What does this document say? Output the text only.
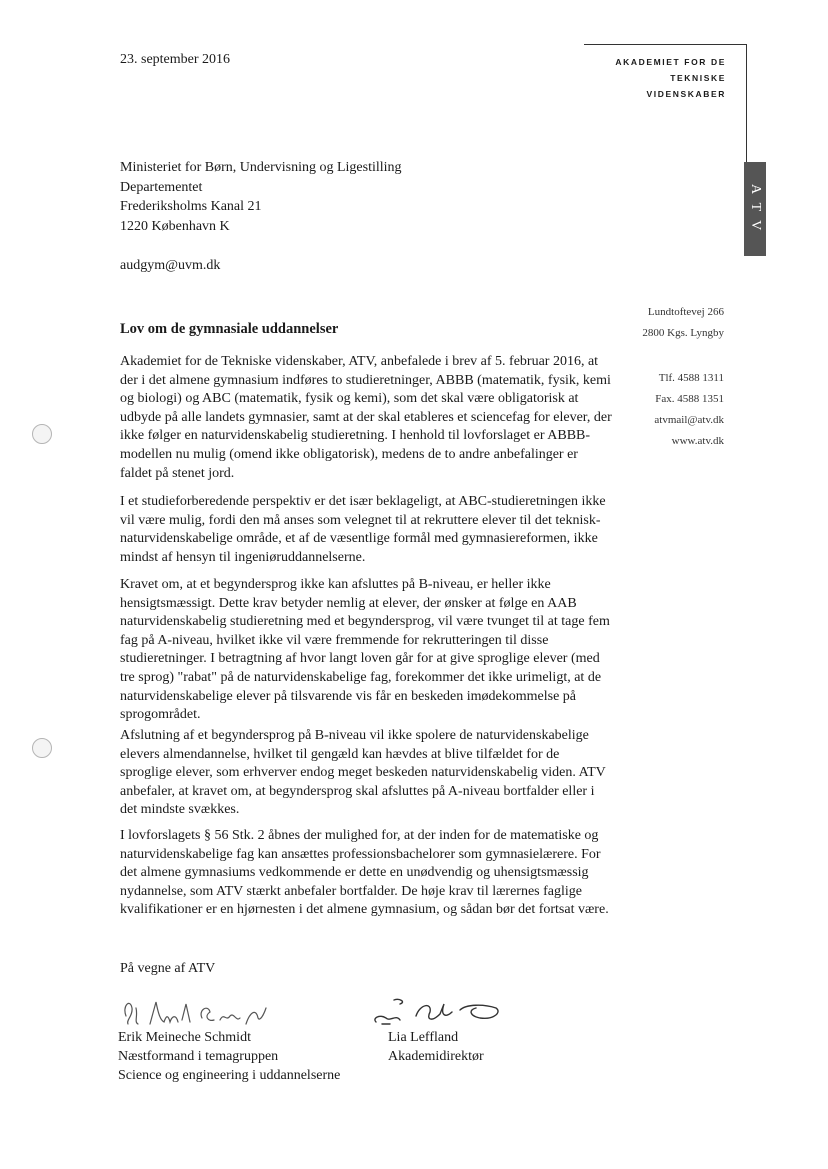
23. september 2016	AKADEMIET FOR DE
TEKNISKE
VIDENSKABER
A T V
Ministeriet for Børn, Undervisning og Ligestilling
Departementet
Frederiksholms Kanal 21
1220 København K
audgym@uvm.dk
Lundtoftevej 266
2800 Kgs. Lyngby
Tlf. 4588 1311
Fax. 4588 1351
atvmail@atv.dk
www.atv.dk
Lov om de gymnasiale uddannelser

Akademiet for de Tekniske videnskaber, ATV, anbefalede i brev af 5. februar 2016, at der i det almene gymnasium indføres to studieretninger, ABBB (matematik, fysik, kemi og biologi) og ABC (matematik, fysik og kemi), som det skal være obligatorisk at udbyde på alle landets gymnasier, samt at der skal etableres et sciencefag for elever, der ikke følger en naturvidenskabelig studieretning. I henhold til lovforslaget er ABBB-modellen nu mulig (omend ikke obligatorisk), medens de to andre anbefalinger er faldet på stenet jord.

I et studieforberedende perspektiv er det især beklageligt, at ABC-studieretningen ikke vil være mulig, fordi den må anses som velegnet til at rekruttere elever til det teknisk-naturvidenskabelige område, et af de væsentlige formål med gymnasiereformen, ikke mindst af hensyn til ingeniøruddannelserne.

Kravet om, at et begyndersprog ikke kan afsluttes på B-niveau, er heller ikke hensigtsmæssigt. Dette krav betyder nemlig at elever, der ønsker at følge en AAB naturvidenskabelig studieretning med et begyndersprog, vil være tvunget til at tage fem fag på A-niveau, hvilket ikke vil være fremmende for rekrutteringen til disse studieretninger. I betragtning af hvor langt loven går for at give sproglige elever (med tre sprog) "rabat" på de naturvidenskabelige fag, forekommer det ikke urimeligt, at de naturvidenskabelige elever på tilsvarende vis får en beskeden imødekommelse på sprogområdet.

Afslutning af et begyndersprog på B-niveau vil ikke spolere de naturvidenskabelige elevers almendannelse, hvilket til gengæld kan hævdes at blive tilfældet for de sproglige elever, som erhverver endog meget beskeden naturvidenskabelig viden. ATV anbefaler, at kravet om, at begyndersprog skal afsluttes på A-niveau bortfalder eller i det mindste svækkes.

I lovforslagets § 56 Stk. 2 åbnes der mulighed for, at der inden for de matematiske og naturvidenskabelige fag kan ansættes professionsbachelorer som gymnasielærere. For det almene gymnasiums vedkommende er dette en unødvendig og uhensigtsmæssig nydannelse, som ATV stærkt anbefaler bortfalder. De høje krav til lærernes faglige kvalifikationer er en hjørnesten i det almene gymnasium, og sådan bør det fortsat være.

På vegne af ATV
Erik Meineche Schmidt
Næstformand i temagruppen
Science og engineering i uddannelserne
Lia Leffland
Akademidirektør
